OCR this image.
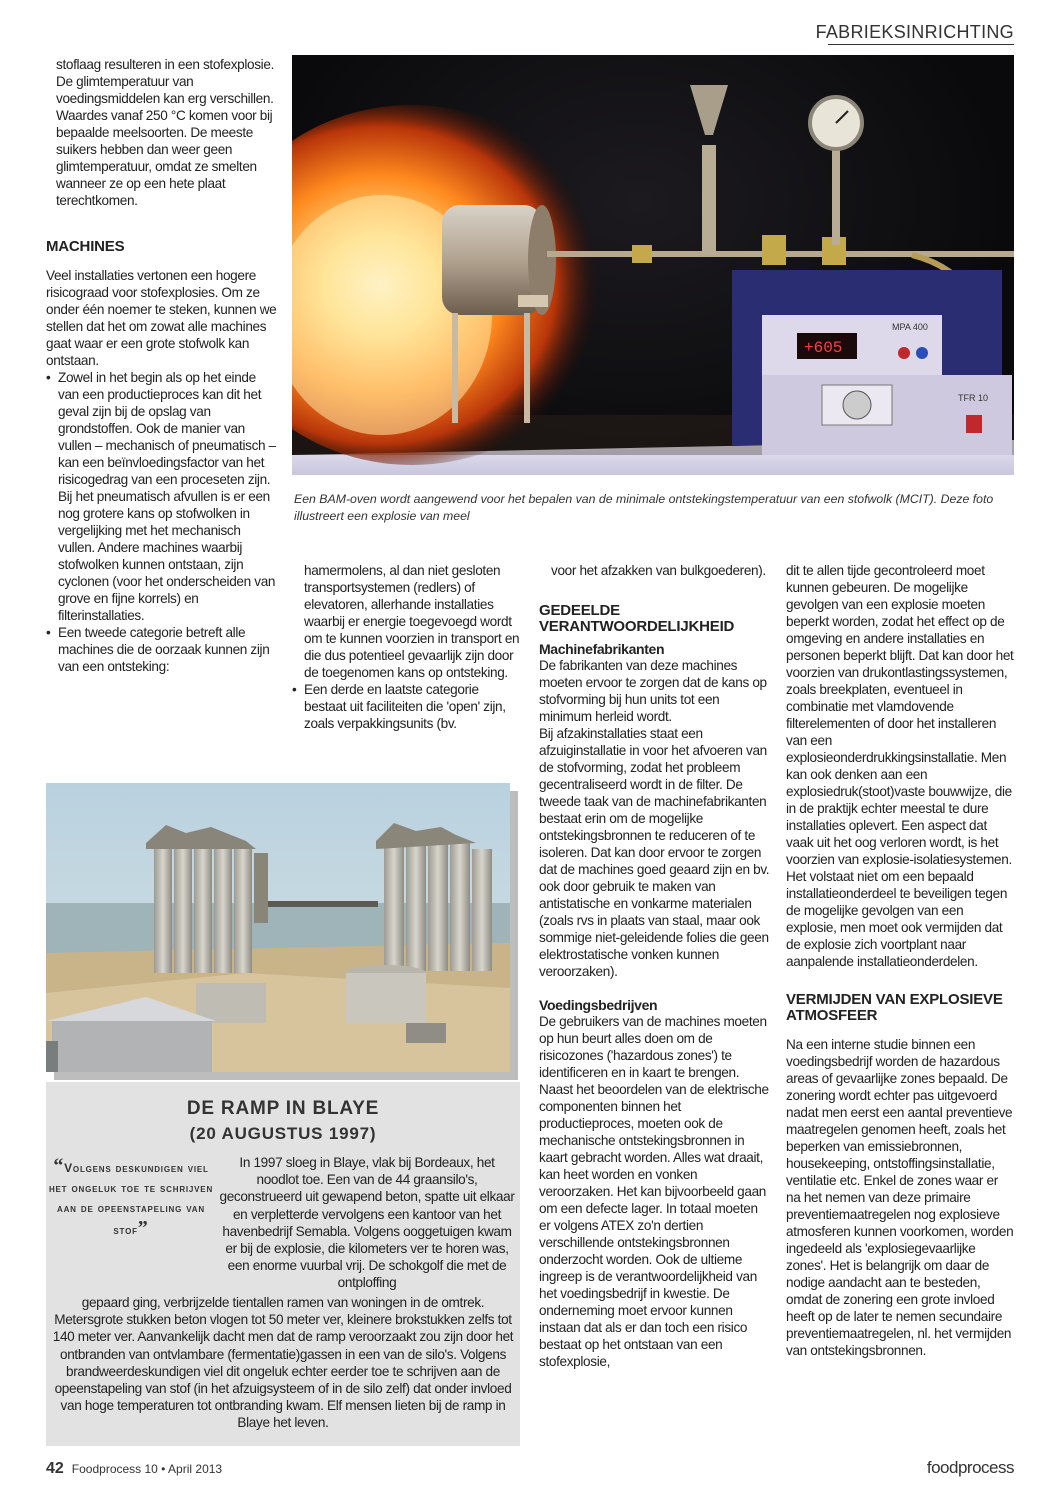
FABRIEKSINRICHTING

stoflaag resulteren in een stofexplosie. De glimtemperatuur van voedingsmiddelen kan erg verschillen. Waardes vanaf 250 °C komen voor bij bepaalde meelsoorten. De meeste suikers hebben dan weer geen glimtemperatuur, omdat ze smelten wanneer ze op een hete plaat terechtkomen.

MACHINES

Veel installaties vertonen een hogere risicograad voor stofexplosies. Om ze onder één noemer te steken, kunnen we stellen dat het om zowat alle machines gaat waar er een grote stofwolk kan ontstaan.

• Zowel in het begin als op het einde van een productieproces kan dit het geval zijn bij de opslag van grondstoffen. Ook de manier van vullen – mechanisch of pneumatisch – kan een beïnvloedingsfactor van het risicogedrag van een proceseten zijn. Bij het pneumatisch afvullen is er een nog grotere kans op stofwolken in vergelijking met het mechanisch vullen. Andere machines waarbij stofwolken kunnen ontstaan, zijn cyclonen (voor het onderscheiden van grove en fijne korrels) en filterinstallaties.
• Een tweede categorie betreft alle machines die de oorzaak kunnen zijn van een ontsteking:
+605
MPA 400
TFR 10
Een BAM-oven wordt aangewend voor het bepalen van de minimale ontstekingstemperatuur van een stofwolk (MCIT). Deze foto illustreert een explosie van meel

hamermolens, al dan niet gesloten transportsystemen (redlers) of elevatoren, allerhande installaties waarbij er energie toegevoegd wordt om te kunnen voorzien in transport en die dus potentieel gevaarlijk zijn door de toegenomen kans op ontsteking.

• Een derde en laatste categorie bestaat uit faciliteiten die 'open' zijn, zoals verpakkingsunits (bv.

voor het afzakken van bulkgoederen).

GEDEELDE VERANTWOORDELIJKHEID
Machinefabrikanten

De fabrikanten van deze machines moeten ervoor te zorgen dat de kans op stofvorming bij hun units tot een minimum herleid wordt.

Bij afzakinstallaties staat een afzuiginstallatie in voor het afvoeren van de stofvorming, zodat het probleem gecentraliseerd wordt in de filter. De tweede taak van de machinefabrikanten bestaat erin om de mogelijke ontstekingsbronnen te reduceren of te isoleren. Dat kan door ervoor te zorgen dat de machines goed geaard zijn en bv. ook door gebruik te maken van antistatische en vonkarme materialen (zoals rvs in plaats van staal, maar ook sommige niet-geleidende folies die geen elektrostatische vonken kunnen veroorzaken).

Voedingsbedrijven

De gebruikers van de machines moeten op hun beurt alles doen om de risicozones ('hazardous zones') te identificeren en in kaart te brengen. Naast het beoordelen van de elektrische componenten binnen het productieproces, moeten ook de mechanische ontstekingsbronnen in kaart gebracht worden. Alles wat draait, kan heet worden en vonken veroorzaken. Het kan bijvoorbeeld gaan om een defecte lager. In totaal moeten er volgens ATEX zo'n dertien verschillende ontstekingsbronnen onderzocht worden. Ook de ultieme ingreep is de verantwoordelijkheid van het voedingsbedrijf in kwestie. De onderneming moet ervoor kunnen instaan dat als er dan toch een risico bestaat op het ontstaan van een stofexplosie,

dit te allen tijde gecontroleerd moet kunnen gebeuren. De mogelijke gevolgen van een explosie moeten beperkt worden, zodat het effect op de omgeving en andere installaties en personen beperkt blijft. Dat kan door het voorzien van drukontlastingssystemen, zoals breekplaten, eventueel in combinatie met vlamdovende filterelementen of door het installeren van een explosieonderdrukkingsinstallatie. Men kan ook denken aan een explosiedruk(stoot)vaste bouwwijze, die in de praktijk echter meestal te dure installaties oplevert. Een aspect dat vaak uit het oog verloren wordt, is het voorzien van explosie-isolatiesystemen. Het volstaat niet om een bepaald installatieonderdeel te beveiligen tegen de mogelijke gevolgen van een explosie, men moet ook vermijden dat de explosie zich voortplant naar aanpalende installatieonderdelen.

VERMIJDEN VAN EXPLOSIEVE ATMOSFEER

Na een interne studie binnen een voedingsbedrijf worden de hazardous areas of gevaarlijke zones bepaald. De zonering wordt echter pas uitgevoerd nadat men eerst een aantal preventieve maatregelen genomen heeft, zoals het beperken van emissiebronnen, housekeeping, ontstoffingsinstallatie, ventilatie etc. Enkel de zones waar er na het nemen van deze primaire preventiemaatregelen nog explosieve atmosferen kunnen voorkomen, worden ingedeeld als 'explosiegevaarlijke zones'. Het is belangrijk om daar de nodige aandacht aan te besteden, omdat de zonering een grote invloed heeft op de later te nemen secundaire preventiemaatregelen, nl. het vermijden van ontstekingsbronnen.

DE RAMP IN BLAYE
(20 AUGUSTUS 1997)
“Volgens deskundigen viel het ongeluk toe te schrijven aan de opeenstapeling van stof”
In 1997 sloeg in Blaye, vlak bij Bordeaux, het noodlot toe. Een van de 44 graansilo's, geconstrueerd uit gewapend beton, spatte uit elkaar en verpletterde vervolgens een kantoor van het havenbedrijf Semabla. Volgens ooggetuigen kwam er bij de explosie, die kilometers ver te horen was, een enorme vuurbal vrij. De schokgolf die met de ontploffing
gepaard ging, verbrijzelde tientallen ramen van woningen in de omtrek. Metersgrote stukken beton vlogen tot 50 meter ver, kleinere brokstukken zelfs tot 140 meter ver. Aanvankelijk dacht men dat de ramp veroorzaakt zou zijn door het ontbranden van ontvlambare (fermentatie)gassen in een van de silo's. Volgens brandweerdeskundigen viel dit ongeluk echter eerder toe te schrijven aan de opeenstapeling van stof (in het afzuigsysteem of in de silo zelf) dat onder invloed van hoge temperaturen tot ontbranding kwam. Elf mensen lieten bij de ramp in Blaye het leven.
42 Foodprocess 10 • April 2013	foodprocess
